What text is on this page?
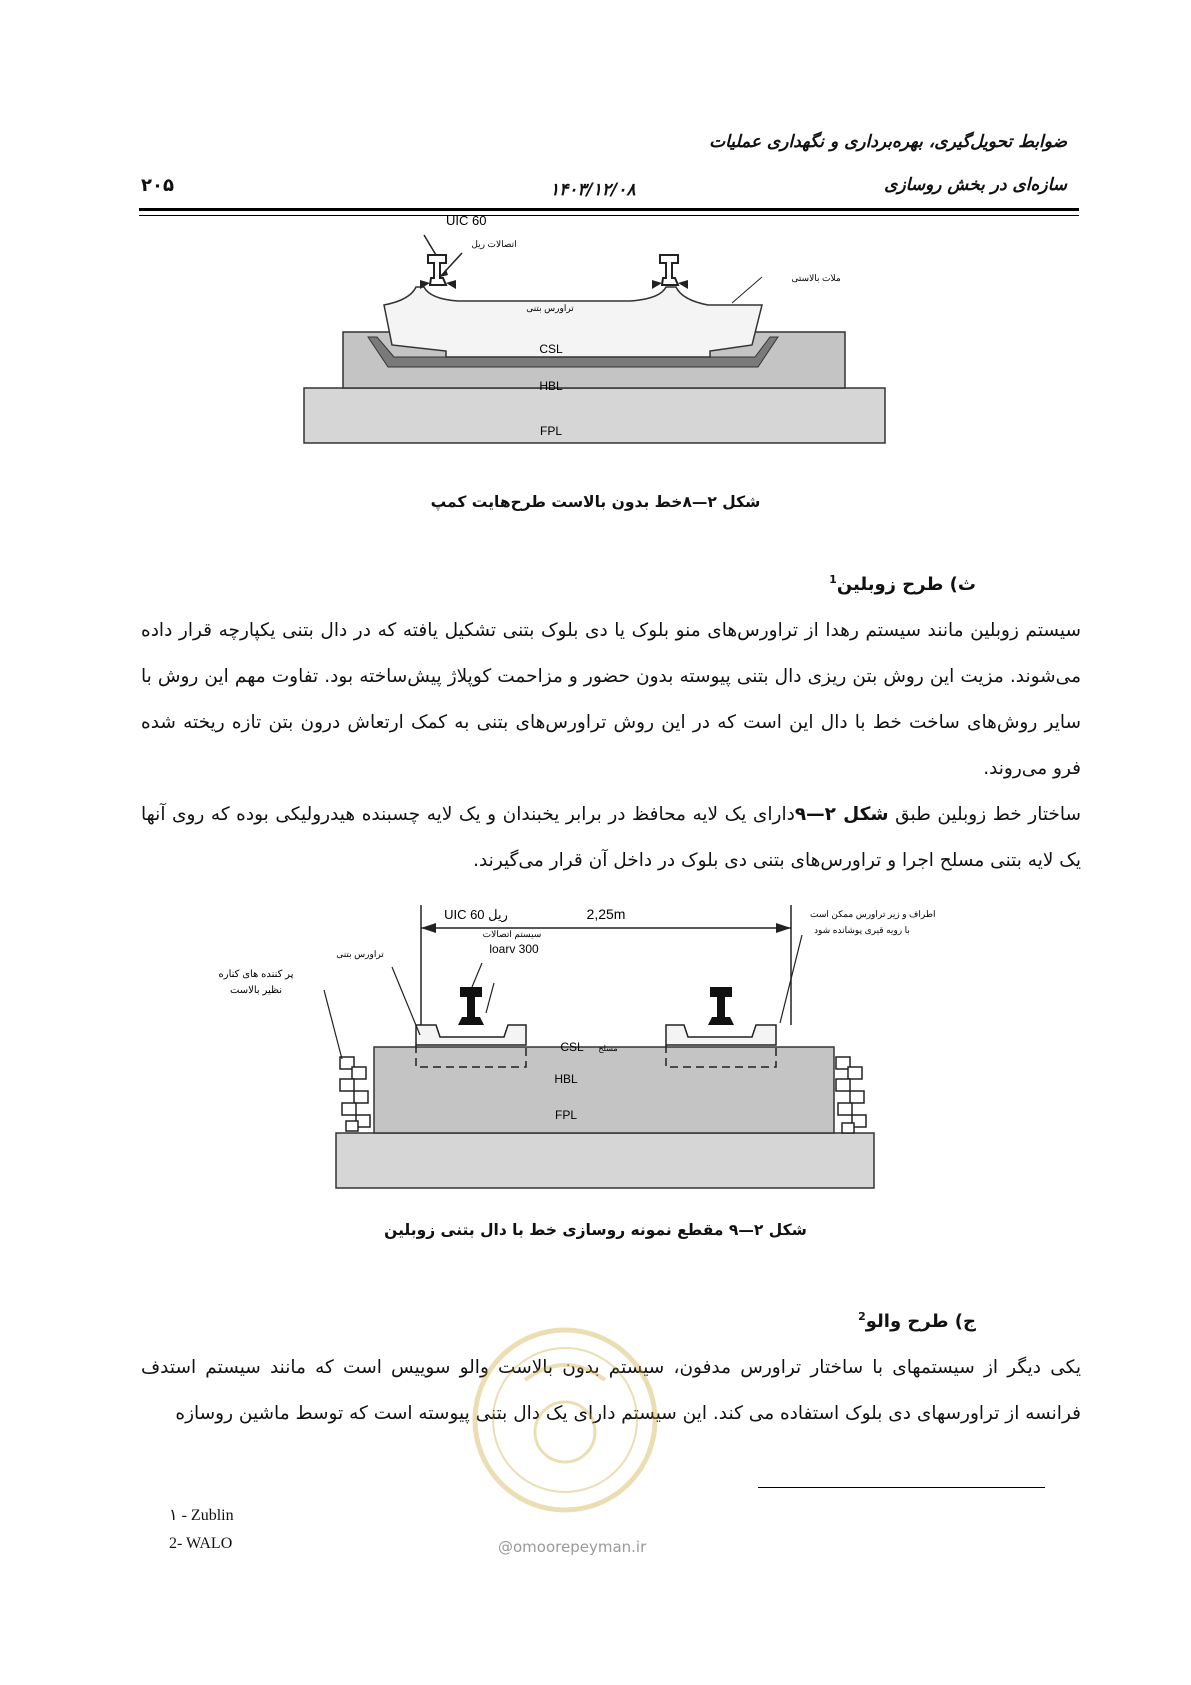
ضوابط تحویل‌گیری، بهره‌برداری و نگهداری عملیات
سازه‌ای در بخش روسازی
۱۴۰۳/۱۲/۰۸
۲۰۵
UIC 60
اتصالات ریل
ملات بالاستی
تراورس بتنی
CSL
HBL
FPL
شکل ۲—۸خط بدون بالاست طرح‌هایت کمپ
ث) طرح زوبلین$^1$
سیستم زوبلین مانند سیستم رهدا از تراورس‌های منو بلوک یا دی بلوک بتنی تشکیل یافته که در دال بتنی یکپارچه قرار داده می‌شوند. مزیت این روش بتن ریزی دال بتنی پیوسته بدون حضور و مزاحمت کوپلاژ پیش‌ساخته بود. تفاوت مهم این روش با سایر روش‌های ساخت خط با دال این است که در این روش تراورس‌های بتنی به کمک ارتعاش درون بتن تازه ریخته شده فرو می‌روند.
ساختار خط زوبلین طبق شکل ۲—۹دارای یک لایه محافظ در برابر یخبندان و یک لایه چسبنده هیدرولیکی بوده که روی آنها یک لایه بتنی مسلح اجرا و تراورس‌های بتنی دی بلوک در داخل آن قرار می‌گیرند.
2,25m
UIC 60 ریل
سیستم اتصالات
loarv 300
تراورس بتنی
پر کننده های کناره
نظیر بالاست
اطراف و زیر تراورس ممکن است
با رویه قیری پوشانده شود
CSL مسلح
HBL
FPL
شکل ۲—۹ مقطع نمونه روسازی خط با دال بتنی زوبلین
ج) طرح والو$^2$
یکی دیگر از سیستمهای با ساختار تراورس مدفون، سیستم بدون بالاست والو سوییس است که مانند سیستم استدف فرانسه از تراورسهای دی بلوک استفاده می کند. این سیستم دارای یک دال بتنی پیوسته است که توسط ماشین روسازه
@omoorepeyman.ir
۱ - Zublin
2- WALO
